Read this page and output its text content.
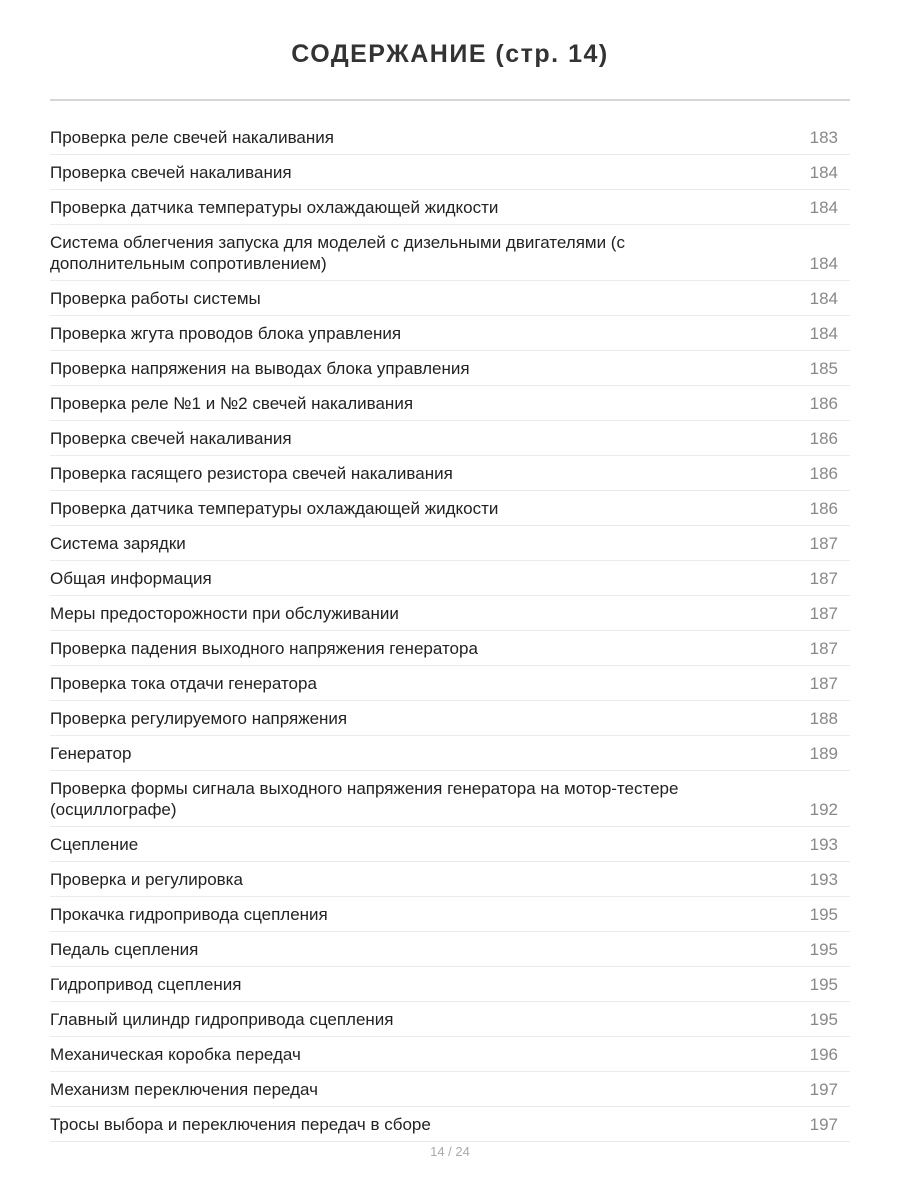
СОДЕРЖАНИЕ (стр. 14)
Проверка реле свечей накаливания	183
Проверка свечей накаливания	184
Проверка датчика температуры охлаждающей жидкости	184
Система облегчения запуска для моделей с дизельными двигателями (с дополнительным сопротивлением)	184
Проверка работы системы	184
Проверка жгута проводов блока управления	184
Проверка напряжения на выводах блока управления	185
Проверка реле №1 и №2 свечей накаливания	186
Проверка свечей накаливания	186
Проверка гасящего резистора свечей накаливания	186
Проверка датчика температуры охлаждающей жидкости	186
Система зарядки	187
Общая информация	187
Меры предосторожности при обслуживании	187
Проверка падения выходного напряжения генератора	187
Проверка тока отдачи генератора	187
Проверка регулируемого напряжения	188
Генератор	189
Проверка формы сигнала выходного напряжения генератора на мотор-тестере (осциллографе)	192
Сцепление	193
Проверка и регулировка	193
Прокачка гидропривода сцепления	195
Педаль сцепления	195
Гидропривод сцепления	195
Главный цилиндр гидропривода сцепления	195
Механическая коробка передач	196
Механизм переключения передач	197
Тросы выбора и переключения передач в сборе	197
14 / 24
